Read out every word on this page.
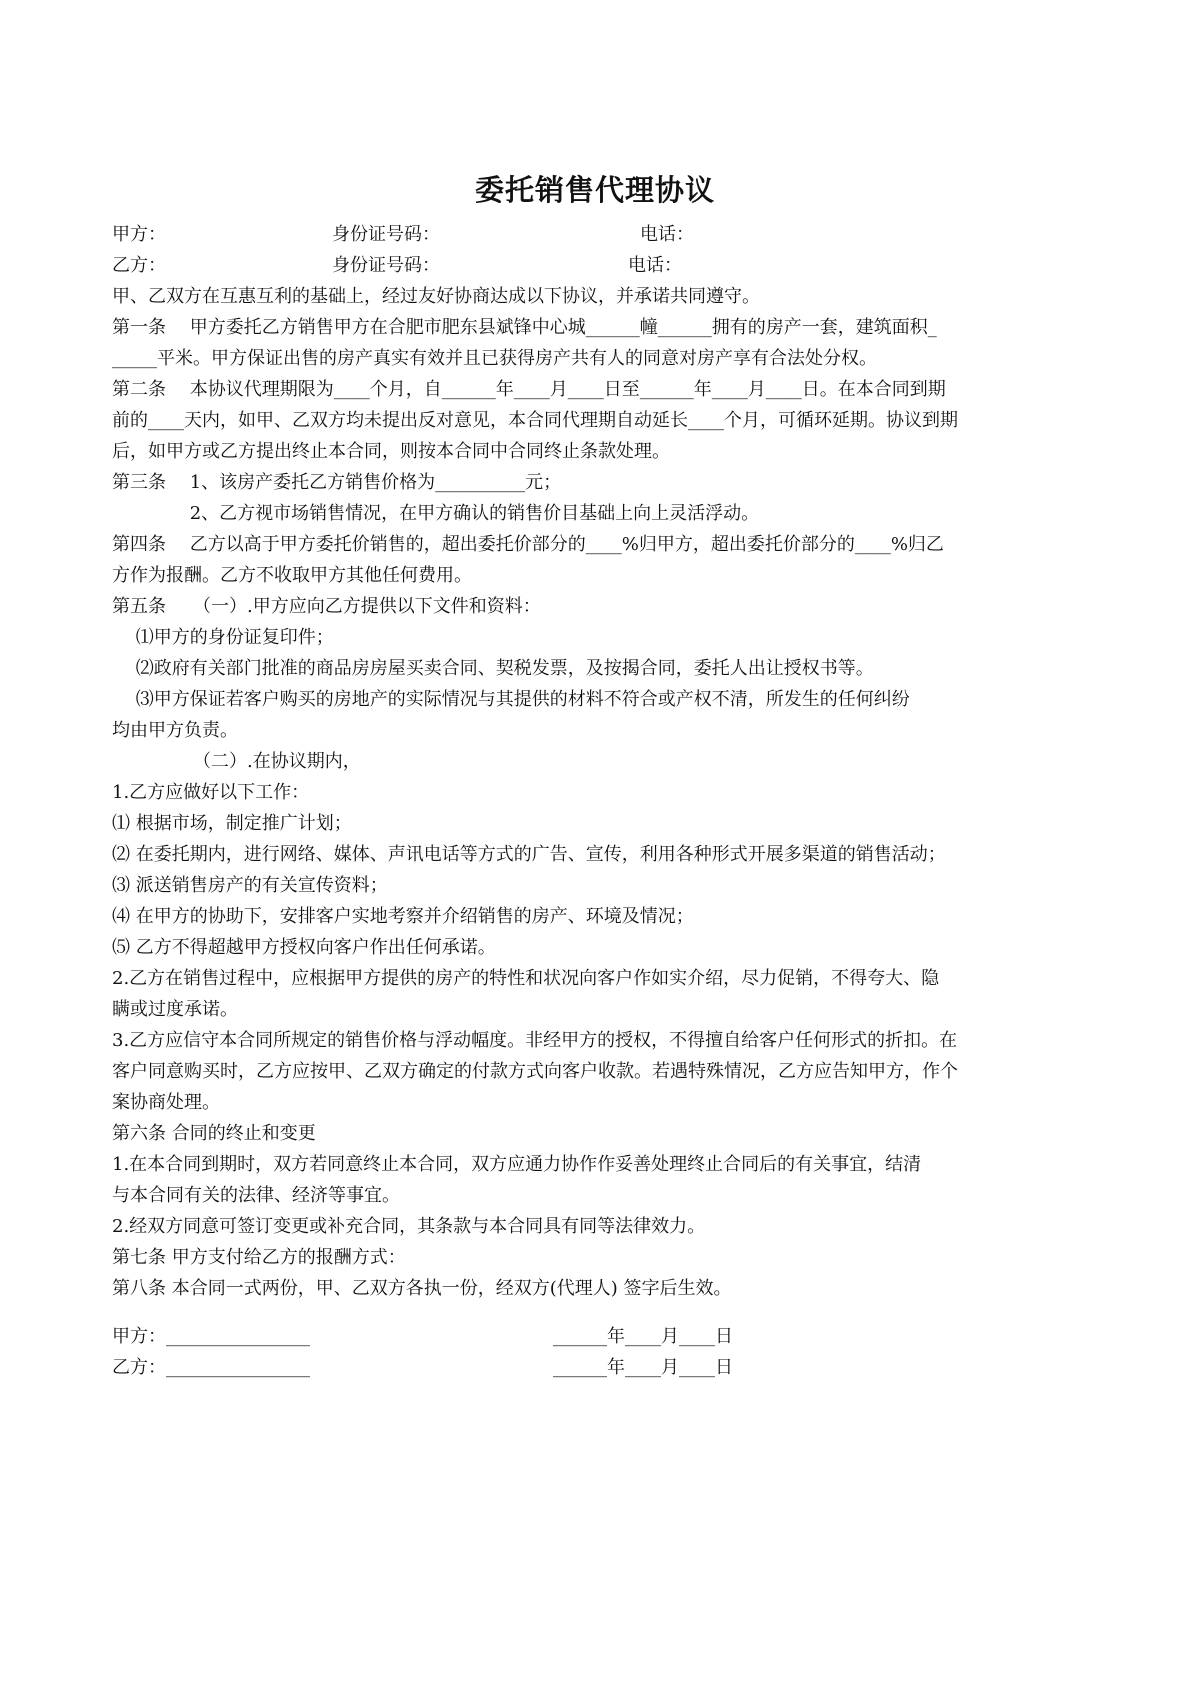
委托销售代理协议
甲方：	身份证号码：	电话：
乙方：	身份证号码：	电话：
甲、乙双方在互惠互利的基础上，经过友好协商达成以下协议，并承诺共同遵守。
第一条　 甲方委托乙方销售甲方在合肥市肥东县斌锋中心城______幢______拥有的房产一套，建筑面积_
_____平米。甲方保证出售的房产真实有效并且已获得房产共有人的同意对房产享有合法处分权。
第二条　 本协议代理期限为____个月，自______年____月____日至______年____月____日。在本合同到期
前的____天内，如甲、乙双方均未提出反对意见，本合同代理期自动延长____个月，可循环延期。协议到期
后，如甲方或乙方提出终止本合同，则按本合同中合同终止条款处理。
第三条　 1、该房产委托乙方销售价格为__________元；
　　　　 2、乙方视市场销售情况，在甲方确认的销售价目基础上向上灵活浮动。
第四条　 乙方以高于甲方委托价销售的，超出委托价部分的____%归甲方，超出委托价部分的____%归乙
方作为报酬。乙方不收取甲方其他任何费用。
第五条　　（一）.甲方应向乙方提供以下文件和资料：
　 ⑴甲方的身份证复印件；
　 ⑵政府有关部门批准的商品房房屋买卖合同、契税发票，及按揭合同，委托人出让授权书等。
　 ⑶甲方保证若客户购买的房地产的实际情况与其提供的材料不符合或产权不清，所发生的任何纠纷
均由甲方负责。
　　　　　（二）.在协议期内，
1.乙方应做好以下工作：
⑴ 根据市场，制定推广计划；
⑵ 在委托期内，进行网络、媒体、声讯电话等方式的广告、宣传，利用各种形式开展多渠道的销售活动；
⑶ 派送销售房产的有关宣传资料；
⑷ 在甲方的协助下，安排客户实地考察并介绍销售的房产、环境及情况；
⑸ 乙方不得超越甲方授权向客户作出任何承诺。
2.乙方在销售过程中，应根据甲方提供的房产的特性和状况向客户作如实介绍，尽力促销，不得夸大、隐
瞒或过度承诺。
3.乙方应信守本合同所规定的销售价格与浮动幅度。非经甲方的授权，不得擅自给客户任何形式的折扣。在
客户同意购买时，乙方应按甲、乙双方确定的付款方式向客户收款。若遇特殊情况，乙方应告知甲方，作个
案协商处理。
第六条 合同的终止和变更
1.在本合同到期时，双方若同意终止本合同，双方应通力协作作妥善处理终止合同后的有关事宜，结清
与本合同有关的法律、经济等事宜。
2.经双方同意可签订变更或补充合同，其条款与本合同具有同等法律效力。
第七条 甲方支付给乙方的报酬方式：
第八条 本合同一式两份，甲、乙双方各执一份，经双方(代理人) 签字后生效。
甲方：________________	______年____月____日
乙方：________________	______年____月____日
